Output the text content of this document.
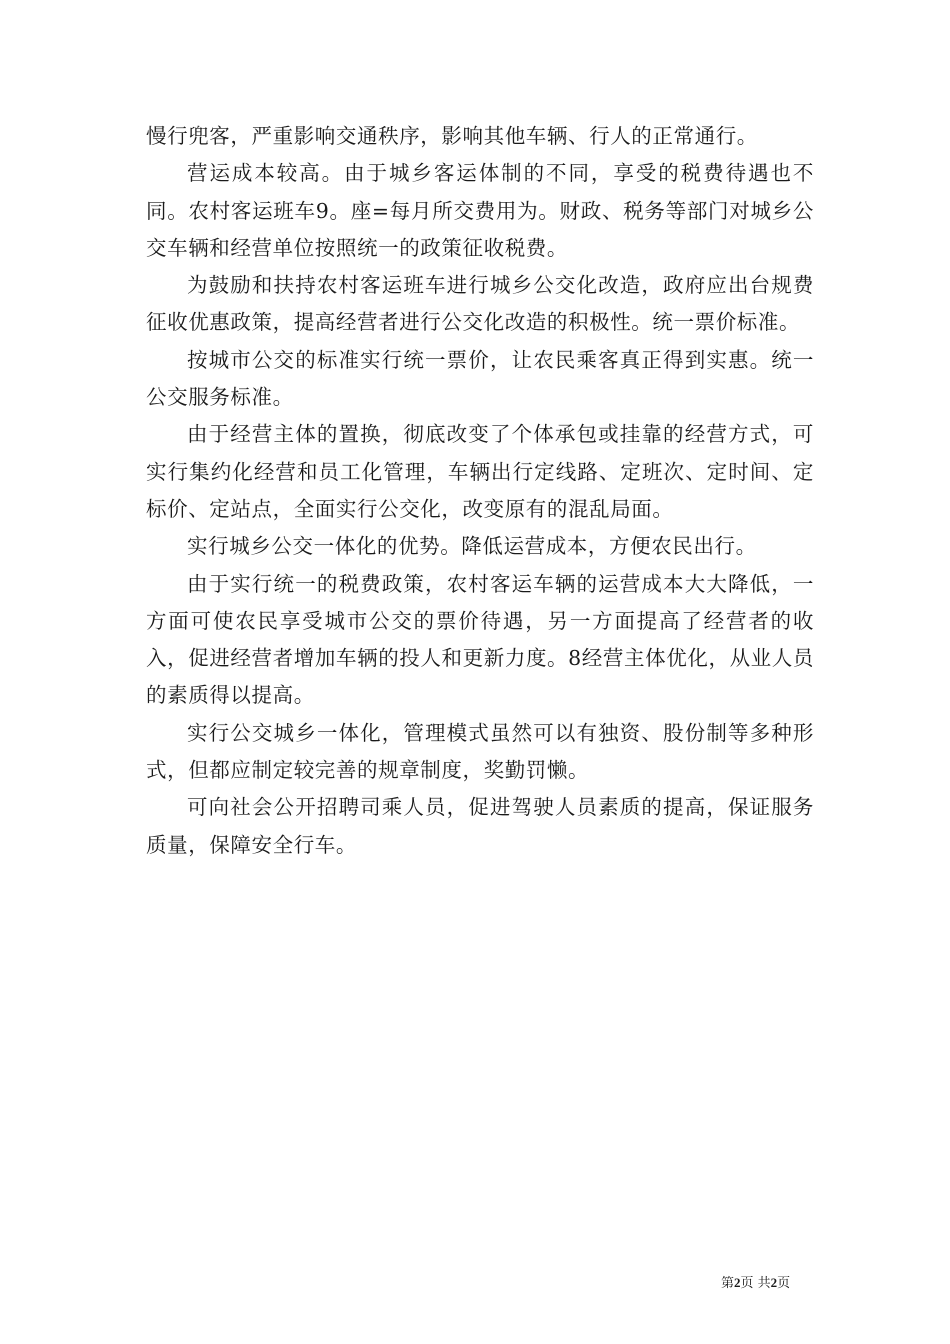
慢行兜客，严重影响交通秩序，影响其他车辆、行人的正常通行。

营运成本较高。由于城乡客运体制的不同，享受的税费待遇也不同。农村客运班车9。座=每月所交费用为。财政、税务等部门对城乡公交车辆和经营单位按照统一的政策征收税费。

为鼓励和扶持农村客运班车进行城乡公交化改造，政府应出台规费征收优惠政策，提高经营者进行公交化改造的积极性。统一票价标准。

按城市公交的标准实行统一票价，让农民乘客真正得到实惠。统一公交服务标准。

由于经营主体的置换，彻底改变了个体承包或挂靠的经营方式，可实行集约化经营和员工化管理，车辆出行定线路、定班次、定时间、定标价、定站点，全面实行公交化，改变原有的混乱局面。

实行城乡公交一体化的优势。降低运营成本，方便农民出行。

由于实行统一的税费政策，农村客运车辆的运营成本大大降低，一方面可使农民享受城市公交的票价待遇，另一方面提高了经营者的收入，促进经营者增加车辆的投人和更新力度。8经营主体优化，从业人员的素质得以提高。

实行公交城乡一体化，管理模式虽然可以有独资、股份制等多种形式，但都应制定较完善的规章制度，奖勤罚懒。

可向社会公开招聘司乘人员，促进驾驶人员素质的提高，保证服务质量，保障安全行车。

第2页 共2页
